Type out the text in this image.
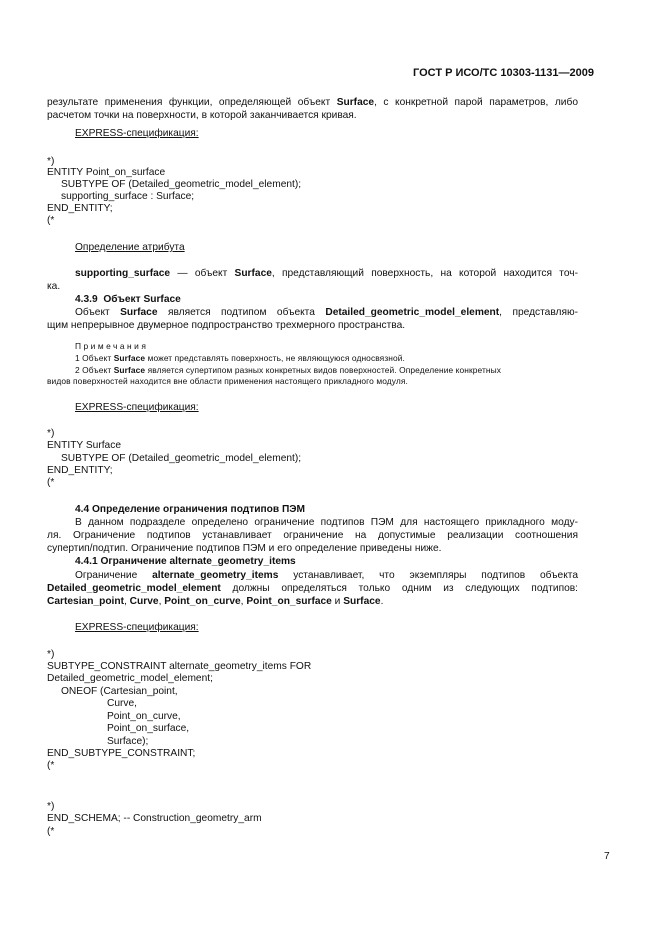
ГОСТ Р ИСО/ТС 10303-1131—2009
результате применения функции, определяющей объект Surface, с конкретной парой параметров, либо
расчетом точки на поверхности, в которой заканчивается кривая.
EXPRESS-спецификация:
*)
ENTITY Point_on_surface
SUBTYPE OF (Detailed_geometric_model_element);
supporting_surface : Surface;
END_ENTITY;
(*
Определение атрибута
supporting_surface — объект Surface, представляющий поверхность, на которой находится точ-
ка.
4.3.9 Объект Surface
Объект Surface является подтипом объекта Detailed_geometric_model_element, представляю-
щим непрерывное двумерное подпространство трехмерного пространства.
Примечания
1 Объект Surface может представлять поверхность, не являющуюся односвязной.
2 Объект Surface является супертипом разных конкретных видов поверхностей. Определение конкретных
видов поверхностей находится вне области применения настоящего прикладного модуля.
EXPRESS-спецификация:
*)
ENTITY Surface
SUBTYPE OF (Detailed_geometric_model_element);
END_ENTITY;
(*
4.4 Определение ограничения подтипов ПЭМ
В данном подразделе определено ограничение подтипов ПЭМ для настоящего прикладного моду-
ля. Ограничение подтипов устанавливает ограничение на допустимые реализации соотношения
супертип/подтип. Ограничение подтипов ПЭМ и его определение приведены ниже.
4.4.1 Ограничение alternate_geometry_items
Ограничение alternate_geometry_items устанавливает, что экземпляры подтипов объекта
Detailed_geometric_model_element должны определяться только одним из следующих подтипов:
Cartesian_point, Curve, Point_on_curve, Point_on_surface и Surface.
EXPRESS-спецификация:
*)
SUBTYPE_CONSTRAINT alternate_geometry_items FOR
Detailed_geometric_model_element;
ONEOF (Cartesian_point,
Curve,
Point_on_curve,
Point_on_surface,
Surface);
END_SUBTYPE_CONSTRAINT;
(*
*)
END_SCHEMA; -- Construction_geometry_arm
(*
7
